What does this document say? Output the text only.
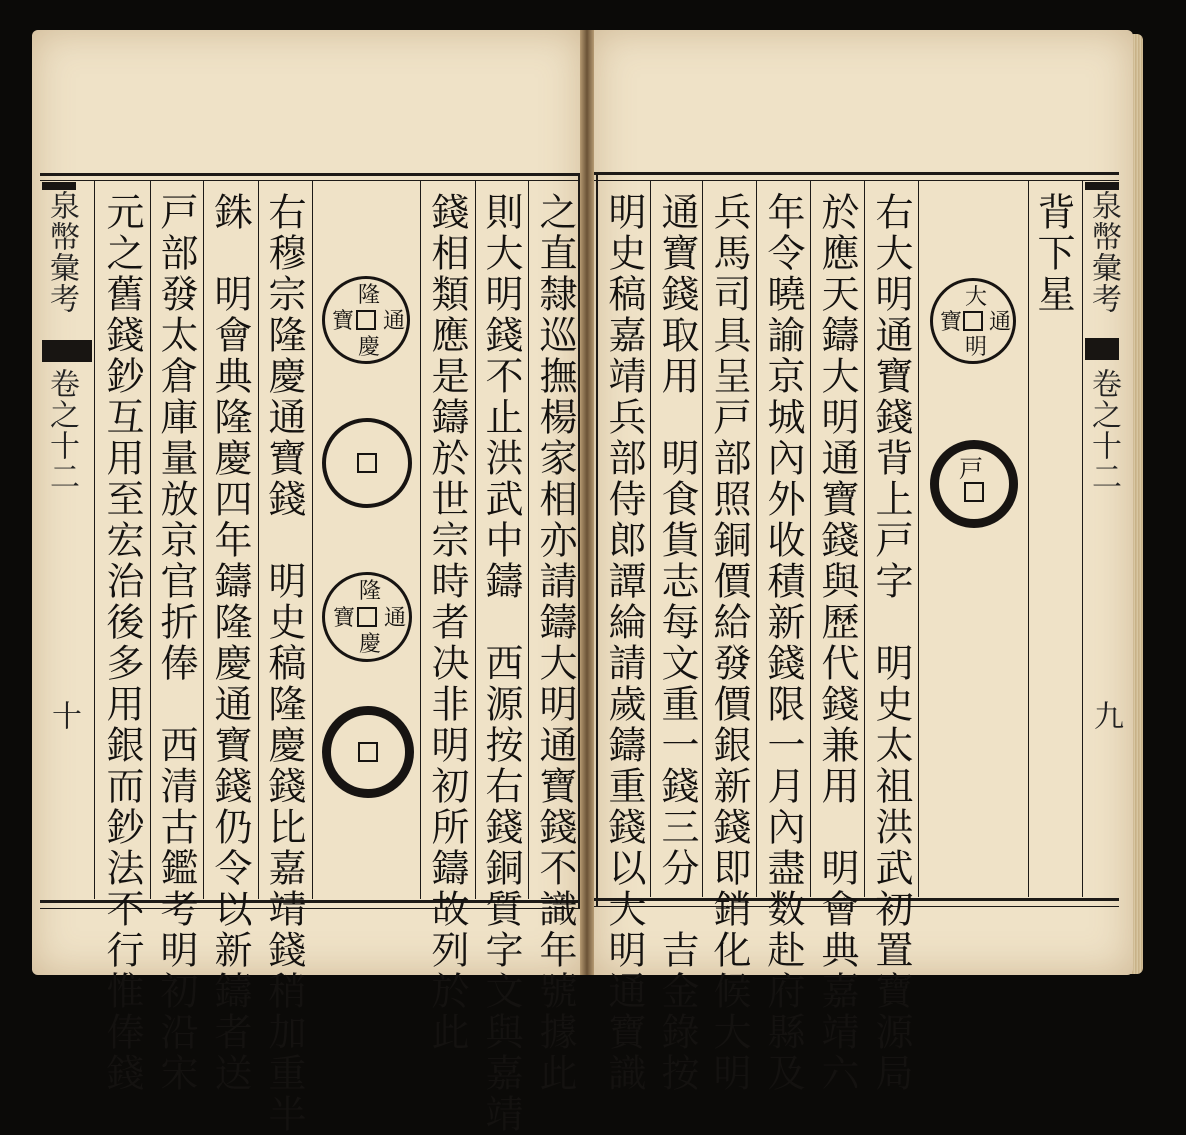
背下星
右大明通寶錢背上戸字　明史太祖洪武初置寶源局
於應天鑄大明通寶錢與歷代錢兼用　明會典嘉靖六
年令曉諭京城內外收積新錢限一月內盡数赴府縣及
兵馬司具呈戸部照銅價給發價銀新錢即銷化候大明
通寶錢取用　明食貨志每文重一錢三分　吉金錄按
明史稿嘉靖兵部侍郎譚綸請歲鑄重錢以大明通寶識	大
通
明
寶
戸
泉幣彙考
卷之十二
九
之直隸巡撫楊家相亦請鑄大明通寶錢不識年號據此
則大明錢不止洪武中鑄　西源按右錢銅質字文與嘉靖
錢相類應是鑄於世宗時者决非明初所鑄故列於此
右穆宗隆慶通寶錢　明史稿隆慶錢比嘉靖錢稍加重半
銖　明會典隆慶四年鑄隆慶通寶錢仍令以新鑄者送
戸部發太倉庫量放京官折俸　西清古鑑考明初沿宋
元之舊錢鈔互用至宏治後多用銀而鈔法不行惟俸錢	隆
通
慶
寶
隆
通
慶
寶
泉幣彙考
卷之十二
十
